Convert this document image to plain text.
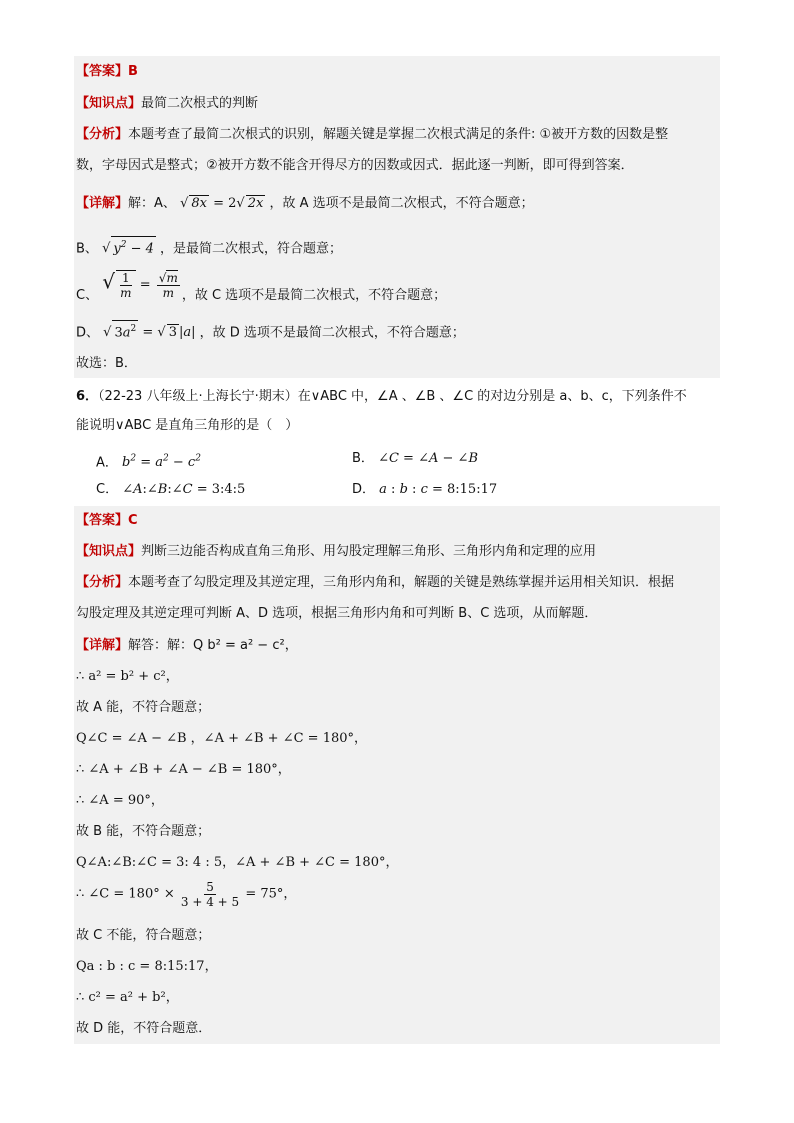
【答案】B
【知识点】最简二次根式的判断
【分析】本题考查了最简二次根式的识别，解题关键是掌握二次根式满足的条件: ①被开方数的因数是整
数，字母因式是整式；②被开方数不能含开得尽方的因数或因式．据此逐一判断，即可得到答案．
【详解】解：A、 √ 8x = 2√ 2x ，故 A 选项不是最简二次根式，不符合题意；
B、 √ $y^2 - 4$ ，是最简二次根式，符合题意；
C、 √ $\frac{1}{m} = \frac{√m}{m}$ ，故 C 选项不是最简二次根式，不符合题意；
D、 √ $3a^2$ = √ 3 |a| ，故 D 选项不是最简二次根式，不符合题意；
故选：B．
6．（22-23 八年级上·上海长宁·期末）在∨ABC 中，∠A 、∠B 、∠C 的对边分别是 a、b、c，下列条件不
能说明∨ABC 是直角三角形的是（　）
A． $b^2 = a^2 - c^2$	B． ∠C = ∠A − ∠B
C． ∠A:∠B:∠C = 3:4:5	D． a : b : c = 8:15:17
【答案】C
【知识点】判断三边能否构成直角三角形、用勾股定理解三角形、三角形内角和定理的应用
【分析】本题考查了勾股定理及其逆定理，三角形内角和，解题的关键是熟练掌握并运用相关知识．根据
勾股定理及其逆定理可判断 A、D 选项，根据三角形内角和可判断 B、C 选项，从而解题．
【详解】解答：解：Q b² = a² − c²，
∴ a² = b² + c²，
故 A 能，不符合题意；
Q∠C = ∠A − ∠B ，∠A + ∠B + ∠C = 180°，
∴ ∠A + ∠B + ∠A − ∠B = 180°，
∴ ∠A = 90°，
故 B 能，不符合题意；
Q∠A:∠B:∠C = 3: 4 : 5，∠A + ∠B + ∠C = 180°，
∴ ∠C = $180^\circ \times \frac{5}{3 + 4 + 5} = 75^\circ$，
故 C 不能，符合题意；
Qa : b : c = 8:15:17，
∴ c² = a² + b²，
故 D 能，不符合题意．
